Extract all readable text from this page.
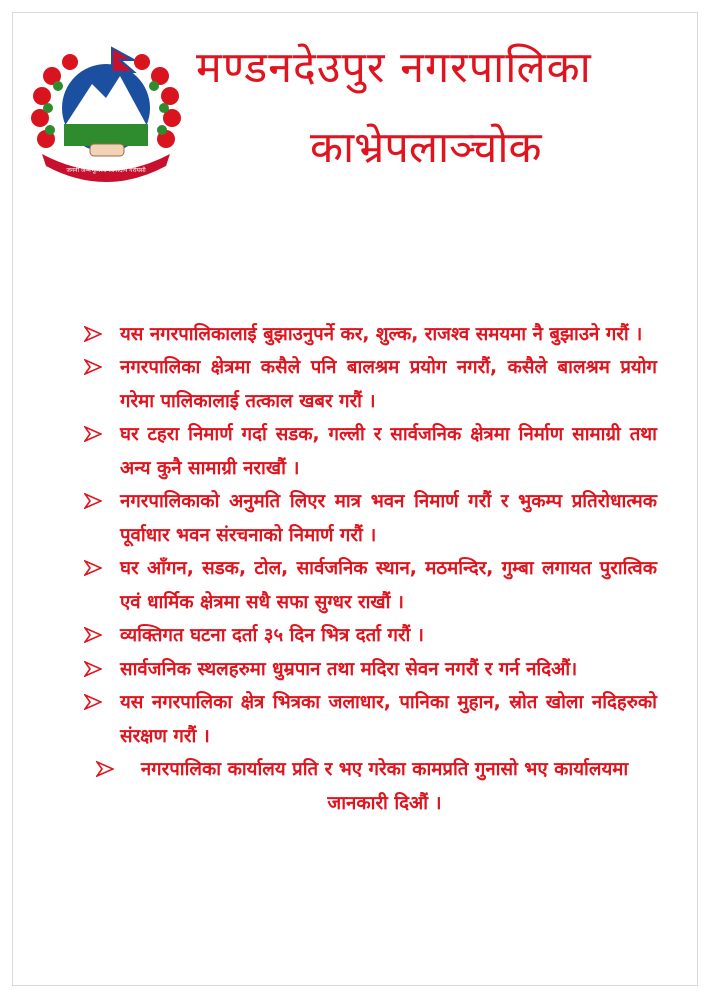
जननी जन्मभूमिश्च स्वर्गादपि गरीयसी
मण्डनदेउपुर नगरपालिका
काभ्रेपलाञ्चोक
यस नगरपालिकालाई बुझाउनुपर्ने कर, शुल्क, राजश्व समयमा नै बुझाउने गरौं ।
नगरपालिका क्षेत्रमा कसैले पनि बालश्रम प्रयोग नगरौं, कसैले बालश्रम प्रयोग गरेमा पालिकालाई तत्काल खबर गरौं ।
घर टहरा निमार्ण गर्दा सडक, गल्ली र सार्वजनिक क्षेत्रमा निर्माण सामाग्री तथा अन्य कुनै सामाग्री नराखौं ।
नगरपालिकाको अनुमति लिएर मात्र भवन निमार्ण गरौं र भुकम्प प्रतिरोधात्मक पूर्वाधार भवन संरचनाको निमार्ण गरौं ।
घर आँगन, सडक, टोल, सार्वजनिक स्थान, मठमन्दिर, गुम्बा लगायत पुरात्विक एवं धार्मिक क्षेत्रमा सधै सफा सुग्धर राखौं ।
व्यक्तिगत घटना दर्ता ३५ दिन भित्र दर्ता गरौं ।
सार्वजनिक स्थलहरुमा धुम्रपान तथा मदिरा सेवन नगरौं र गर्न नदिऔं।
यस नगरपालिका क्षेत्र भित्रका जलाधार, पानिका मुहान, स्रोत खोला नदिहरुको संरक्षण गरौं ।
नगरपालिका कार्यालय प्रति र भए गरेका कामप्रति गुनासो भए कार्यालयमा जानकारी दिऔं ।
